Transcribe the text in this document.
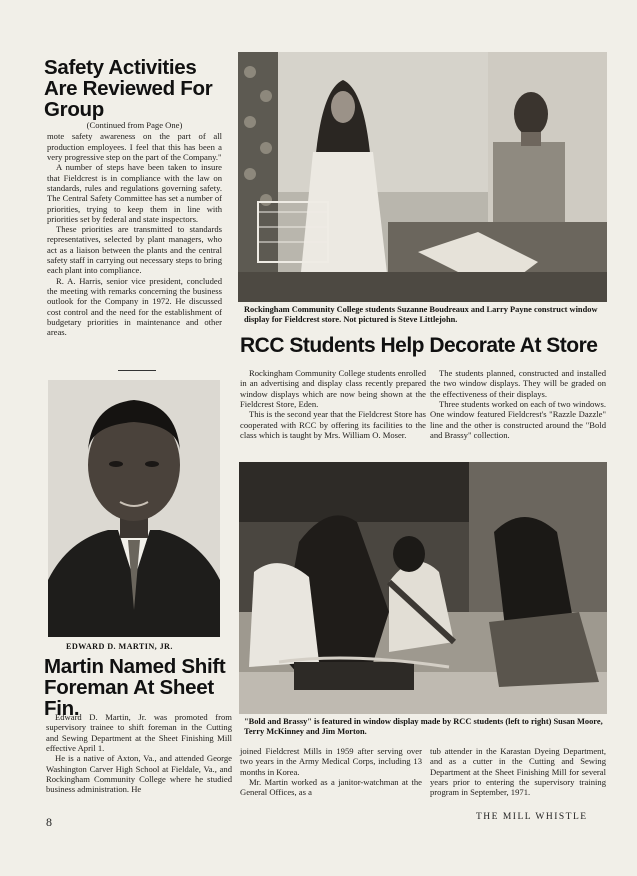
Safety Activities Are Reviewed For Group
(Continued from Page One)

mote safety awareness on the part of all production employees. I feel that this has been a very progressive step on the part of the Company."

A number of steps have been taken to insure that Fieldcrest is in compliance with the law on standards, rules and regulations governing safety. The Central Safety Committee has set a number of priorities, trying to keep them in line with priorities set by federal and state inspectors.

These priorities are transmitted to standards representatives, selected by plant managers, who act as a liaison between the plants and the central safety staff in carrying out necessary steps to bring each plant into compliance.

R. A. Harris, senior vice president, concluded the meeting with remarks concerning the business outlook for the Company in 1972. He discussed cost control and the need for the establishment of budgetary priorities in maintenance and other areas.

EDWARD D. MARTIN, JR.
Martin Named Shift Foreman At Sheet Fin.

Edward D. Martin, Jr. was promoted from supervisory trainee to shift foreman in the Cutting and Sewing Department at the Sheet Finishing Mill effective April 1.

He is a native of Axton, Va., and attended George Washington Carver High School at Fieldale, Va., and Rockingham Community College where he studied business administration. He

joined Fieldcrest Mills in 1959 after serving over two years in the Army Medical Corps, including 13 months in Korea.

Mr. Martin worked as a janitor-watchman at the General Offices, as a

tub attender in the Karastan Dyeing Department, and as a cutter in the Cutting and Sewing Department at the Sheet Finishing Mill for several years prior to entering the supervisory training program in September, 1971.

Rockingham Community College students Suzanne Boudreaux and Larry Payne construct window display for Fieldcrest store. Not pictured is Steve Littlejohn.
RCC Students Help Decorate At Store

Rockingham Community College students enrolled in an advertising and display class recently prepared window displays which are now being shown at the Fieldcrest Store, Eden.

This is the second year that the Fieldcrest Store has cooperated with RCC by offering its facilities to the class which is taught by Mrs. William O. Moser.

The students planned, constructed and installed the two window displays. They will be graded on the effectiveness of their displays.

Three students worked on each of two windows. One window featured Fieldcrest's "Razzle Dazzle" line and the other is constructed around the "Bold and Brassy" collection.

"Bold and Brassy" is featured in window display made by RCC students (left to right) Susan Moore, Terry McKinney and Jim Morton.
8	THE MILL WHISTLE
